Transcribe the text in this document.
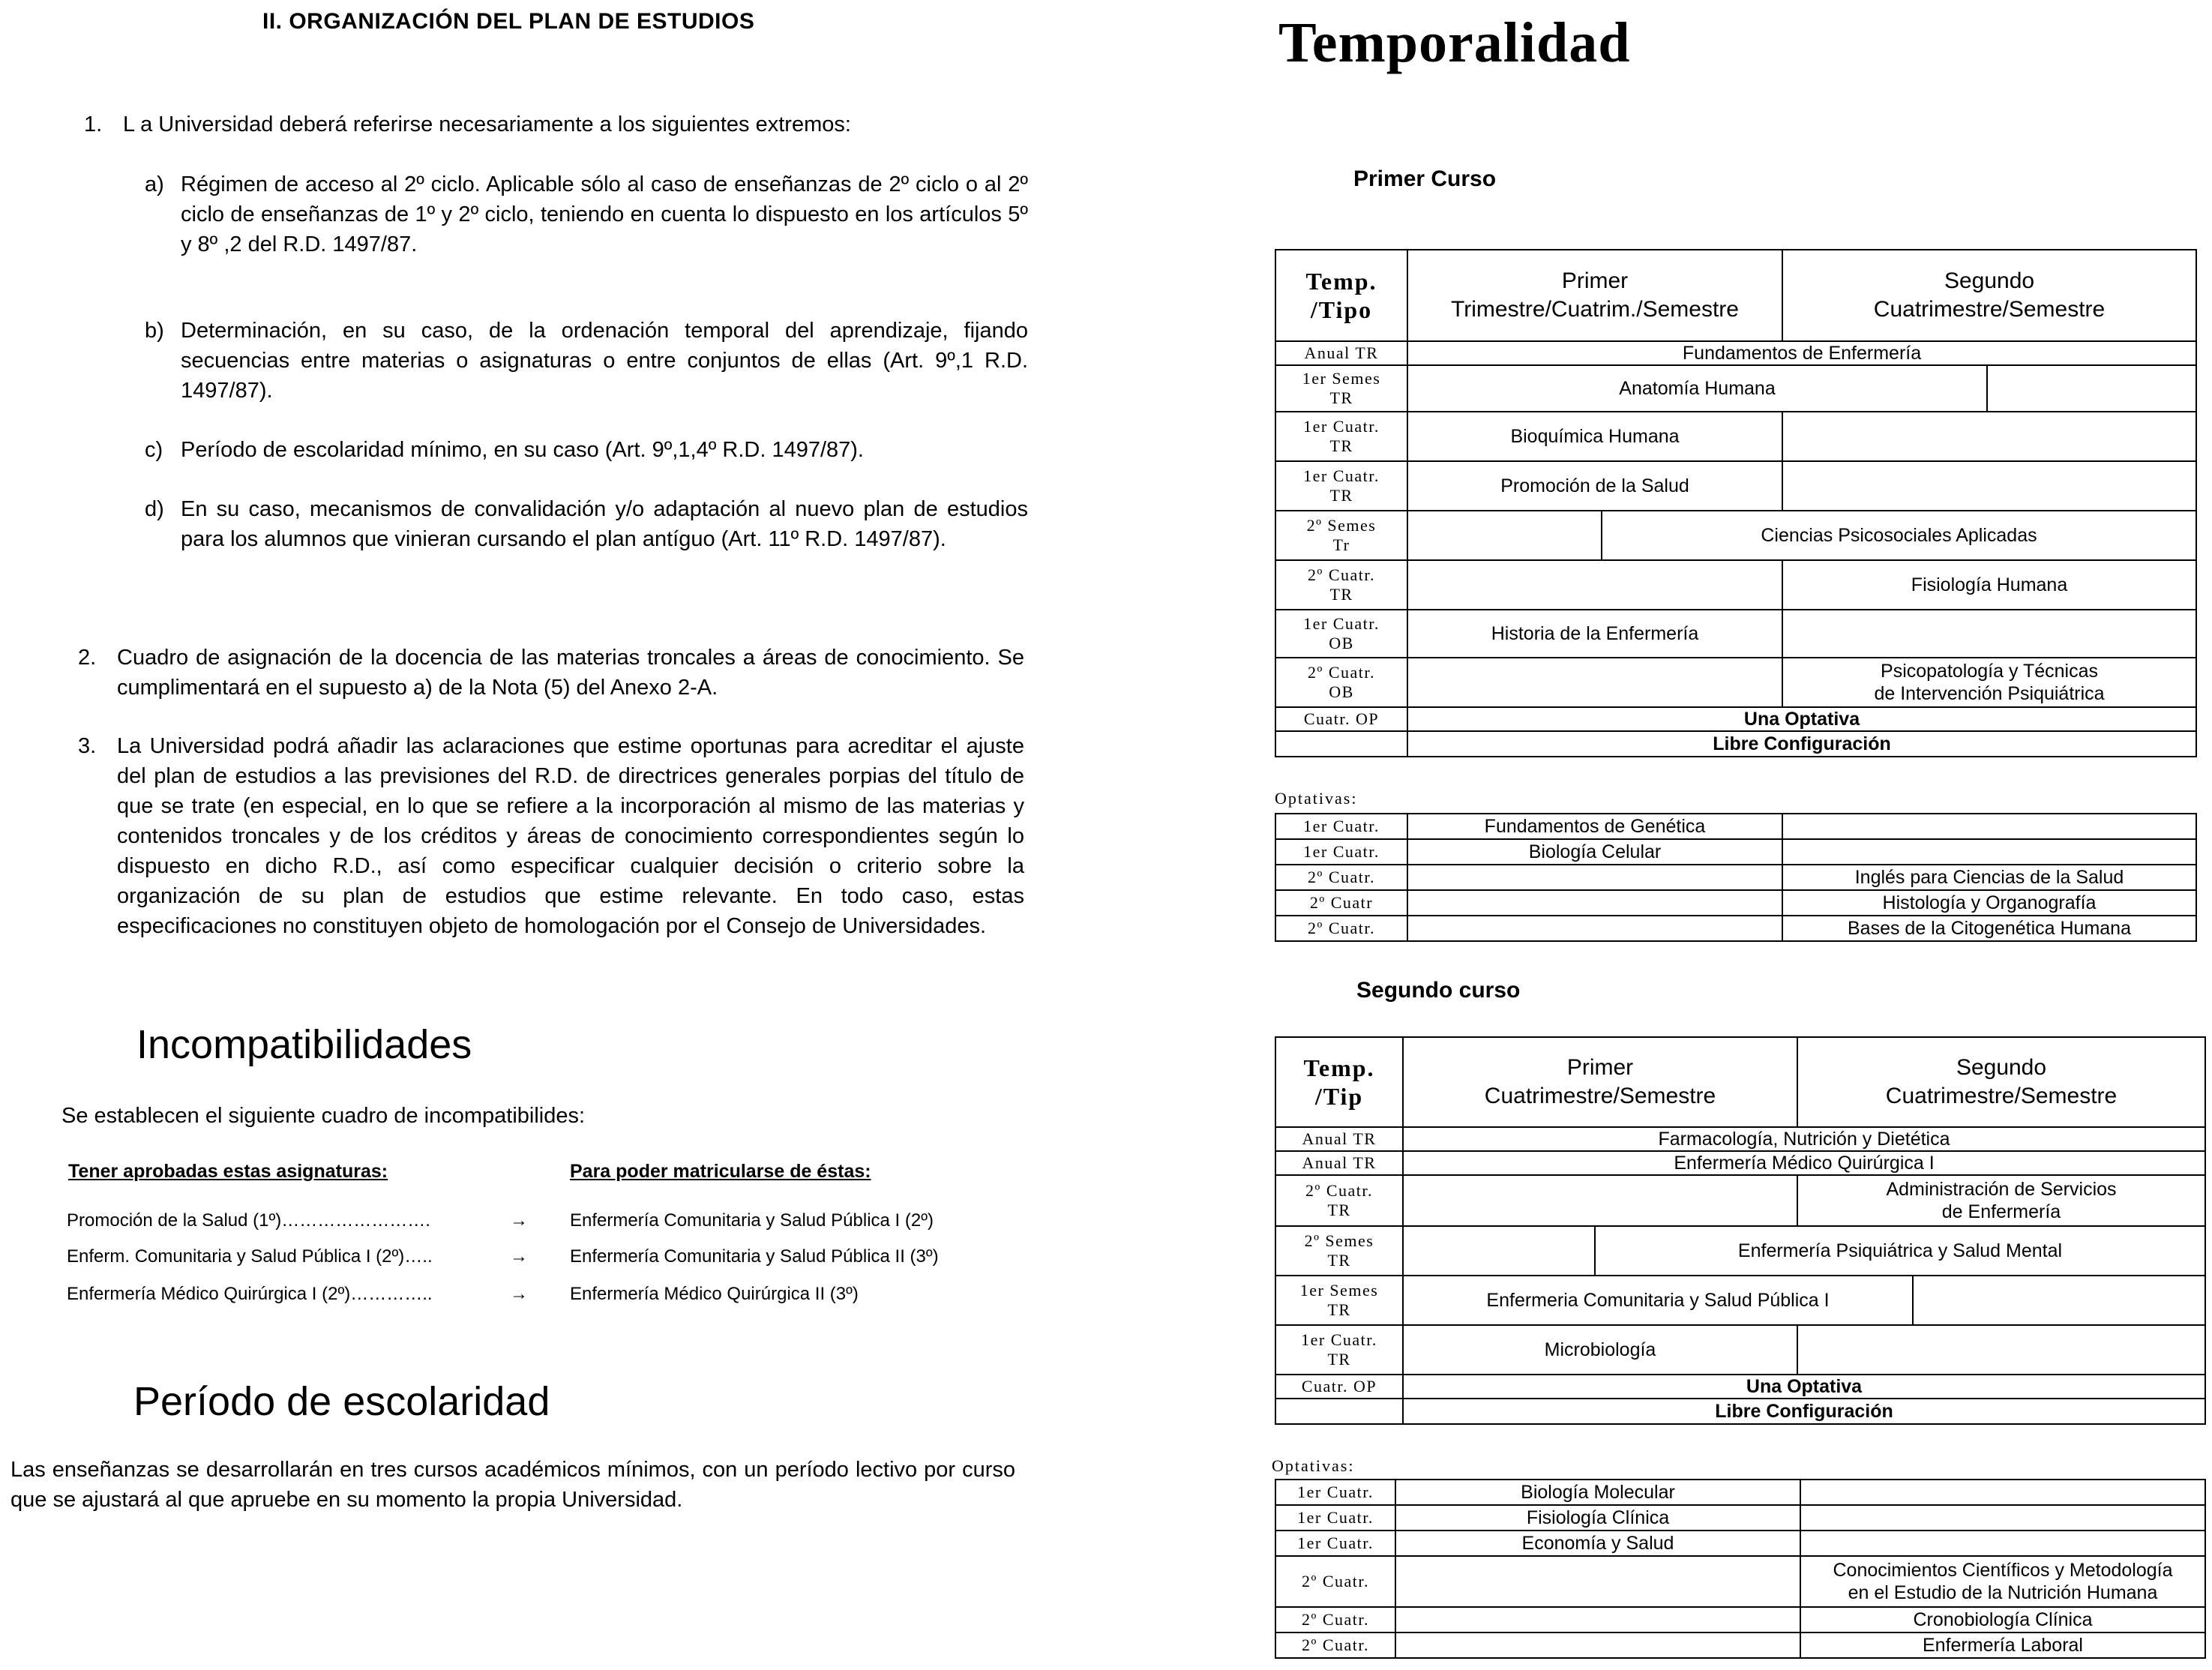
II. ORGANIZACIÓN DEL PLAN DE ESTUDIOS
1. L a Universidad deberá referirse necesariamente a los siguientes extremos:
a) Régimen de acceso al 2º ciclo. Aplicable sólo al caso de enseñanzas de 2º ciclo o al 2º ciclo de enseñanzas de 1º y 2º ciclo, teniendo en cuenta lo dispuesto en los artículos 5º y 8º ,2 del R.D. 1497/87.
b) Determinación, en su caso, de la ordenación temporal del aprendizaje, fijando secuencias entre materias o asignaturas o entre conjuntos de ellas (Art. 9º,1 R.D. 1497/87).
c) Período de escolaridad mínimo, en su caso (Art. 9º,1,4º R.D. 1497/87).
d) En su caso, mecanismos de convalidación y/o adaptación al nuevo plan de estudios para los alumnos que vinieran cursando el plan antíguo (Art. 11º R.D. 1497/87).
2. Cuadro de asignación de la docencia de las materias troncales a áreas de conocimiento. Se cumplimentará en el supuesto a) de la Nota (5) del Anexo 2-A.
3. La Universidad podrá añadir las aclaraciones que estime oportunas para acreditar el ajuste del plan de estudios a las previsiones del R.D. de directrices generales porpias del título de que se trate (en especial, en lo que se refiere a la incorporación al mismo de las materias y contenidos troncales y de los créditos y áreas de conocimiento correspondientes según lo dispuesto en dicho R.D., así como especificar cualquier decisión o criterio sobre la organización de su plan de estudios que estime relevante. En todo caso, estas especificaciones no constituyen objeto de homologación por el Consejo de Universidades.
Incompatibilidades
Se establecen el siguiente cuadro de incompatibilides:
Tener aprobadas estas asignaturas:	Para poder matricularse de éstas:
Promoción de la Salud (1º)…………………….	→ Enfermería Comunitaria y Salud Pública I (2º)
Enferm. Comunitaria y Salud Pública I (2º)…..	→ Enfermería Comunitaria y Salud Pública II (3º)
Enfermería Médico Quirúrgica I (2º)…………..	→ Enfermería Médico Quirúrgica II (3º)
Período de escolaridad
Las enseñanzas se desarrollarán en tres cursos académicos mínimos, con un período lectivo por curso que se ajustará al que apruebe en su momento la propia Universidad.
Temporalidad
Primer Curso
Temp.
/Tipo	Primer
Trimestre/Cuatrim./Semestre		Segundo
Cuatrimestre/Semestre	
Anual TR	Fundamentos de Enfermería			
1er Semes
TR	Anatomía Humana			
1er Cuatr.
TR	Bioquímica Humana			
1er Cuatr.
TR	Promoción de la Salud			
2º Semes
Tr		Ciencias Psicosociales Aplicadas		
2º Cuatr.
TR			Fisiología Humana	
1er Cuatr.
OB	Historia de la Enfermería			
2º Cuatr.
OB			Psicopatología y Técnicas
de Intervención Psiquiátrica	
Cuatr. OP	Una Optativa			
	Libre Configuración			
Optativas:
1er Cuatr.	Fundamentos de Genética	
1er Cuatr.	Biología Celular	
2º Cuatr.		Inglés para Ciencias de la Salud
2º Cuatr		Histología y Organografía
2º Cuatr.		Bases de la Citogenética Humana
Segundo curso
Temp.
/Tip	Primer
Cuatrimestre/Semestre		Segundo
Cuatrimestre/Semestre	
Anual TR	Farmacología, Nutrición y Dietética			
Anual TR	Enfermería Médico Quirúrgica I			
2º Cuatr.
TR			Administración de Servicios
de Enfermería	
2º Semes
TR		Enfermería Psiquiátrica y Salud Mental		
1er Semes
TR	Enfermeria Comunitaria y Salud Pública I			
1er Cuatr.
TR	Microbiología			
Cuatr. OP	Una Optativa			
	Libre Configuración			
Optativas:
1er Cuatr.	Biología Molecular	
1er Cuatr.	Fisiología Clínica	
1er Cuatr.	Economía y Salud	
2º Cuatr.		Conocimientos Científicos y Metodología
en el Estudio de la Nutrición Humana
2º Cuatr.		Cronobiología Clínica
2º Cuatr.		Enfermería Laboral
